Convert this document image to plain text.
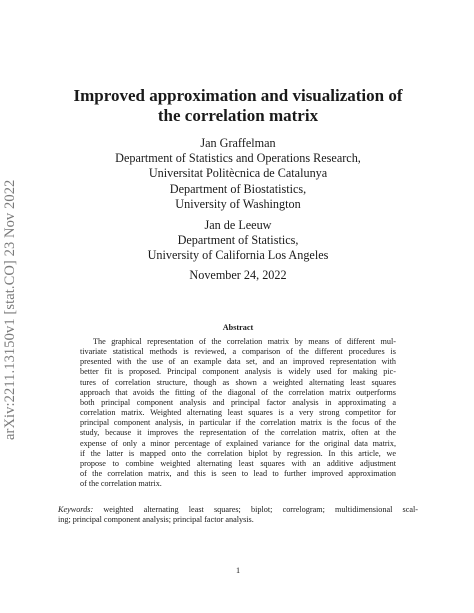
arXiv:2211.13150v1 [stat.CO] 23 Nov 2022
Improved approximation and visualization of
the correlation matrix
Jan Graffelman
Department of Statistics and Operations Research,
Universitat Politècnica de Catalunya
Department of Biostatistics,
University of Washington
Jan de Leeuw
Department of Statistics,
University of California Los Angeles
November 24, 2022
Abstract
The graphical representation of the correlation matrix by means of different mul-
tivariate statistical methods is reviewed, a comparison of the different procedures is
presented with the use of an example data set, and an improved representation with
better fit is proposed. Principal component analysis is widely used for making pic-
tures of correlation structure, though as shown a weighted alternating least squares
approach that avoids the fitting of the diagonal of the correlation matrix outperforms
both principal component analysis and principal factor analysis in approximating a
correlation matrix. Weighted alternating least squares is a very strong competitor for
principal component analysis, in particular if the correlation matrix is the focus of the
study, because it improves the representation of the correlation matrix, often at the
expense of only a minor percentage of explained variance for the original data matrix,
if the latter is mapped onto the correlation biplot by regression. In this article, we
propose to combine weighted alternating least squares with an additive adjustment
of the correlation matrix, and this is seen to lead to further improved approximation
of the correlation matrix.
Keywords: weighted alternating least squares; biplot; correlogram; multidimensional scal-
ing; principal component analysis; principal factor analysis.
1
